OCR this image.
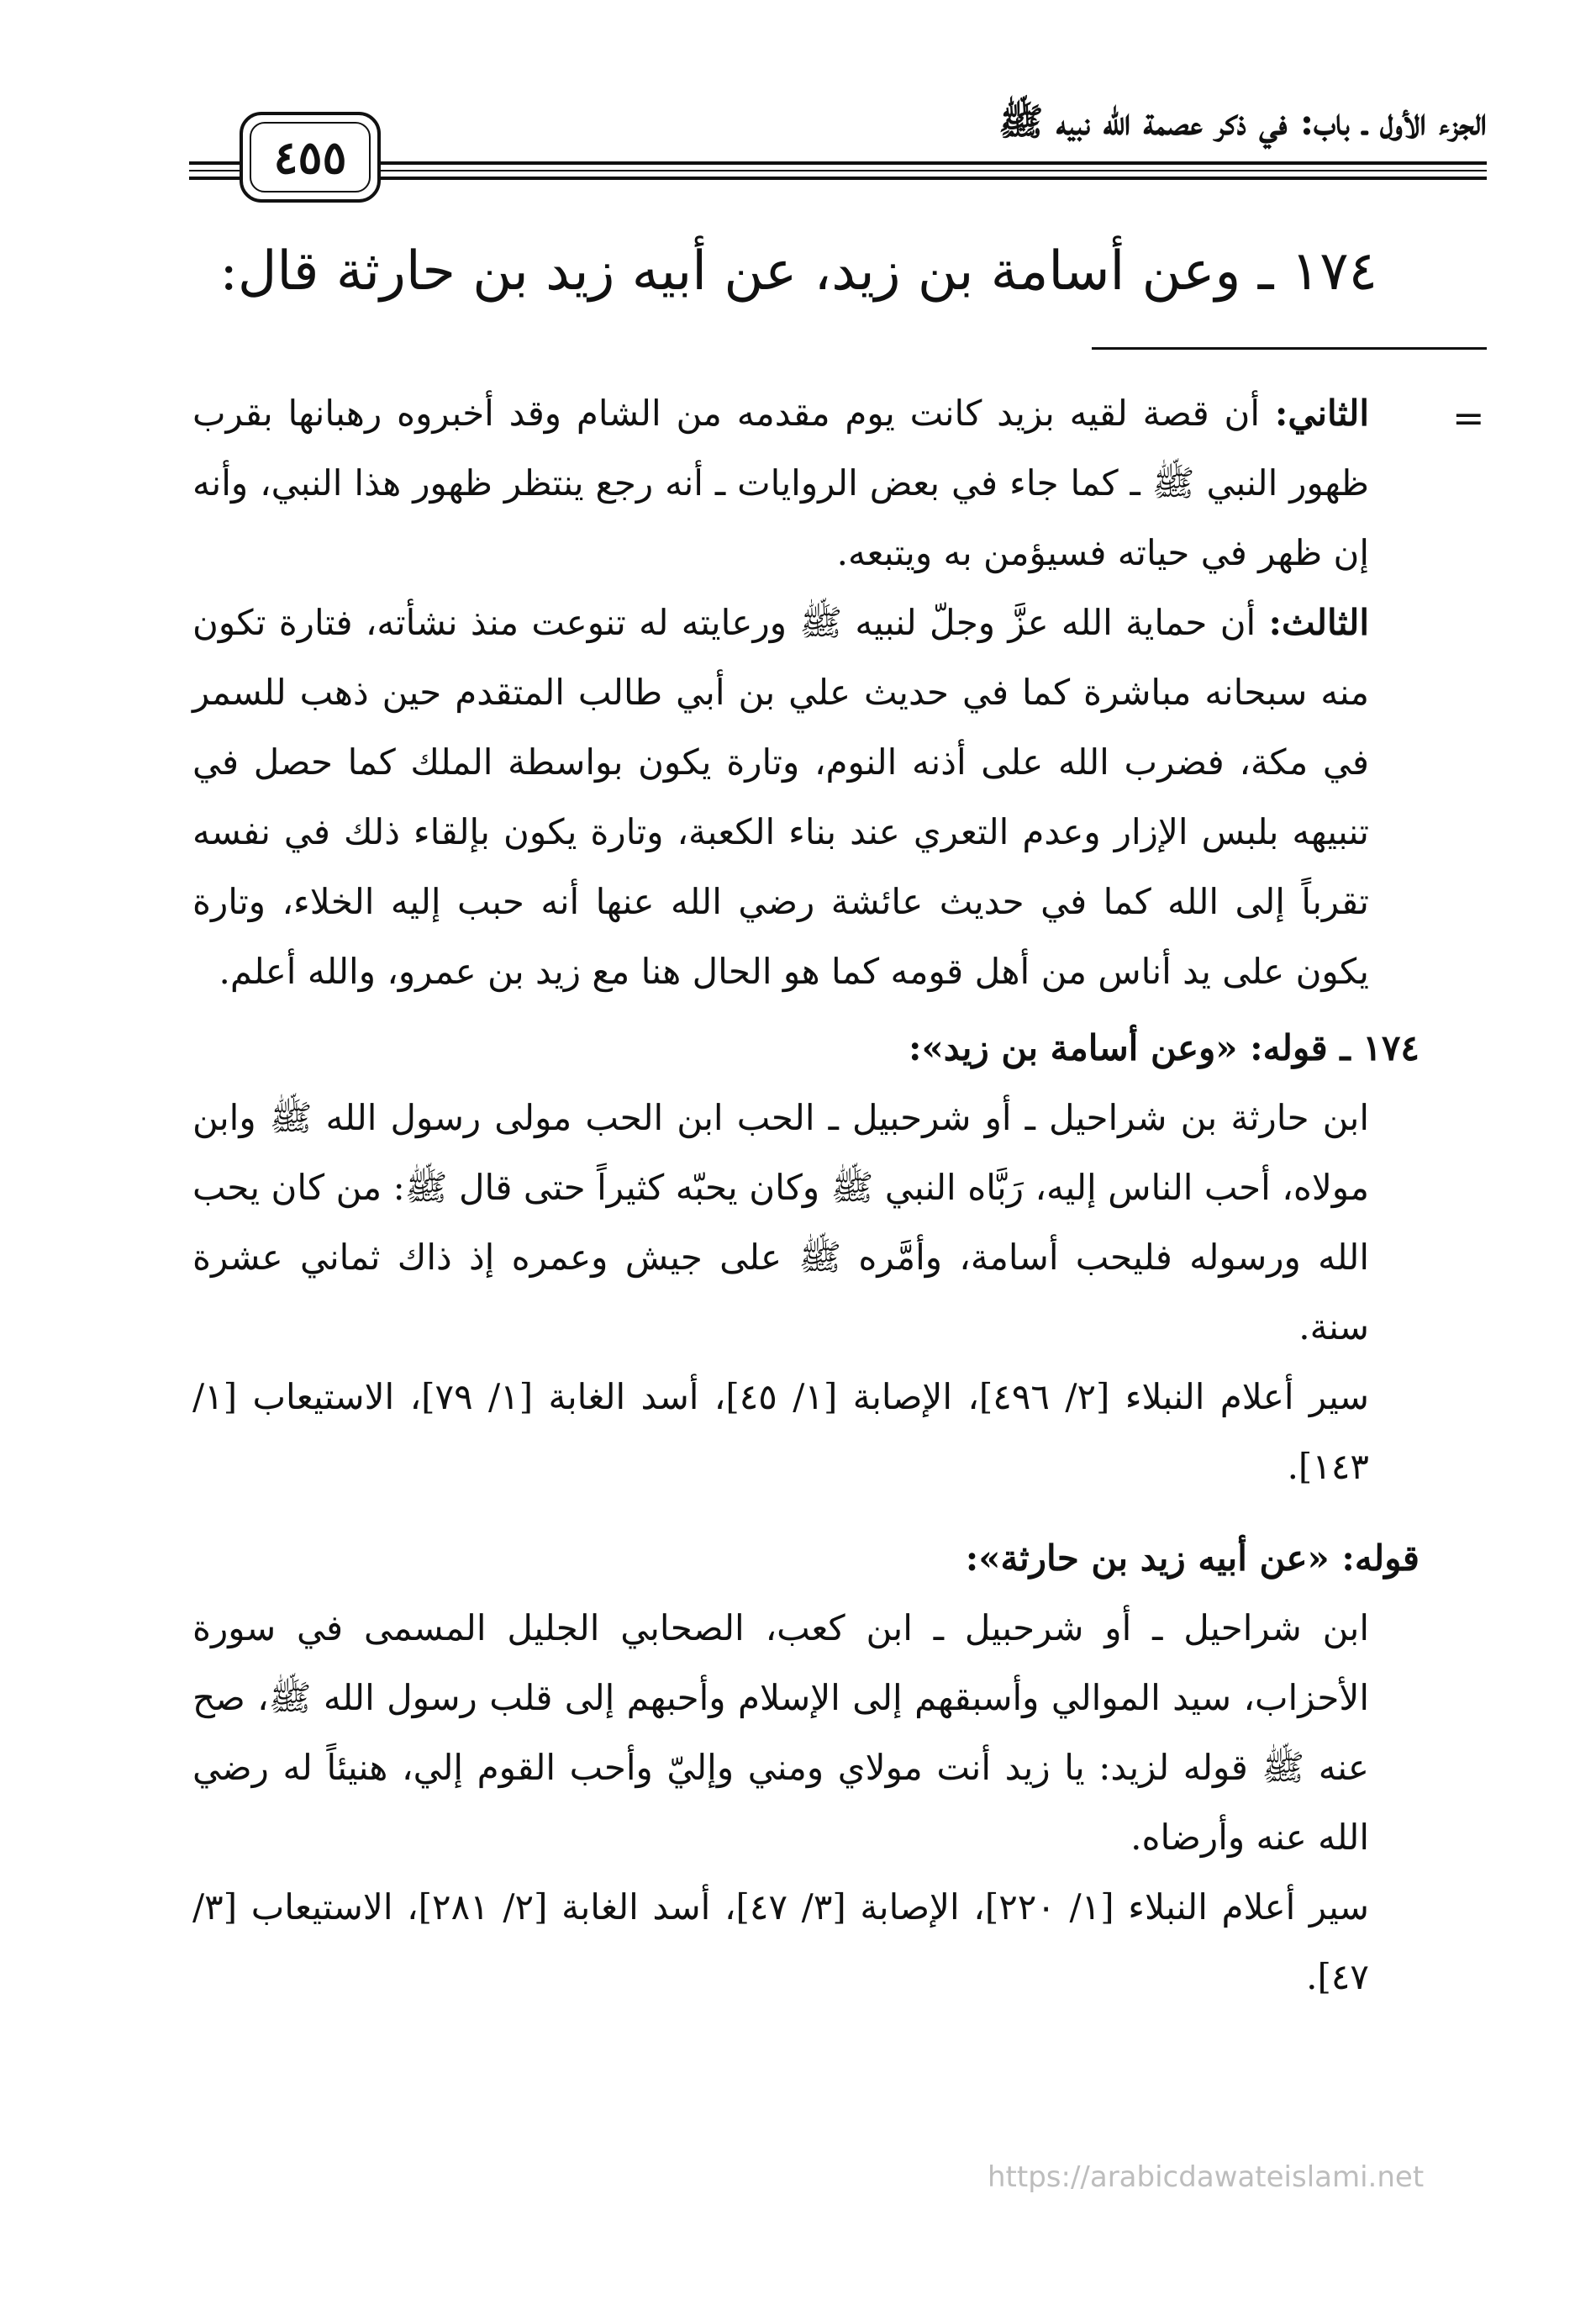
الجزء الأول ـ باب: في ذكر عصمة الله نبيه ﷺ
٤٥٥
١٧٤ ـ وعن أسامة بن زيد، عن أبيه زيد بن حارثة قال:
=

الثاني: أن قصة لقيه بزيد كانت يوم مقدمه من الشام وقد أخبروه رهبانها بقرب ظهور النبي ﷺ ـ كما جاء في بعض الروايات ـ أنه رجع ينتظر ظهور هذا النبي، وأنه إن ظهر في حياته فسيؤمن به ويتبعه.

الثالث: أن حماية الله عزَّ وجلّ لنبيه ﷺ ورعايته له تنوعت منذ نشأته، فتارة تكون منه سبحانه مباشرة كما في حديث علي بن أبي طالب المتقدم حين ذهب للسمر في مكة، فضرب الله على أذنه النوم، وتارة يكون بواسطة الملك كما حصل في تنبيهه بلبس الإزار وعدم التعري عند بناء الكعبة، وتارة يكون بإلقاء ذلك في نفسه تقرباً إلى الله كما في حديث عائشة رضي الله عنها أنه حبب إليه الخلاء، وتارة يكون على يد أناس من أهل قومه كما هو الحال هنا مع زيد بن عمرو، والله أعلم.

١٧٤ ـ قوله: «وعن أسامة بن زيد»:

ابن حارثة بن شراحيل ـ أو شرحبيل ـ الحب ابن الحب مولى رسول الله ﷺ وابن مولاه، أحب الناس إليه، رَبَّاه النبي ﷺ وكان يحبّه كثيراً حتى قال ﷺ: من كان يحب الله ورسوله فليحب أسامة، وأمَّره ﷺ على جيش وعمره إذ ذاك ثماني عشرة سنة.

سير أعلام النبلاء [٢/ ٤٩٦]، الإصابة [١/ ٤٥]، أسد الغابة [١/ ٧٩]، الاستيعاب [١/ ١٤٣].

قوله: «عن أبيه زيد بن حارثة»:

ابن شراحيل ـ أو شرحبيل ـ ابن كعب، الصحابي الجليل المسمى في سورة الأحزاب، سيد الموالي وأسبقهم إلى الإسلام وأحبهم إلى قلب رسول الله ﷺ، صح عنه ﷺ قوله لزيد: يا زيد أنت مولاي ومني وإليّ وأحب القوم إلي، هنيئاً له رضي الله عنه وأرضاه.

سير أعلام النبلاء [١/ ٢٢٠]، الإصابة [٣/ ٤٧]، أسد الغابة [٢/ ٢٨١]، الاستيعاب [٣/ ٤٧].

https://arabicdawateislami.net
